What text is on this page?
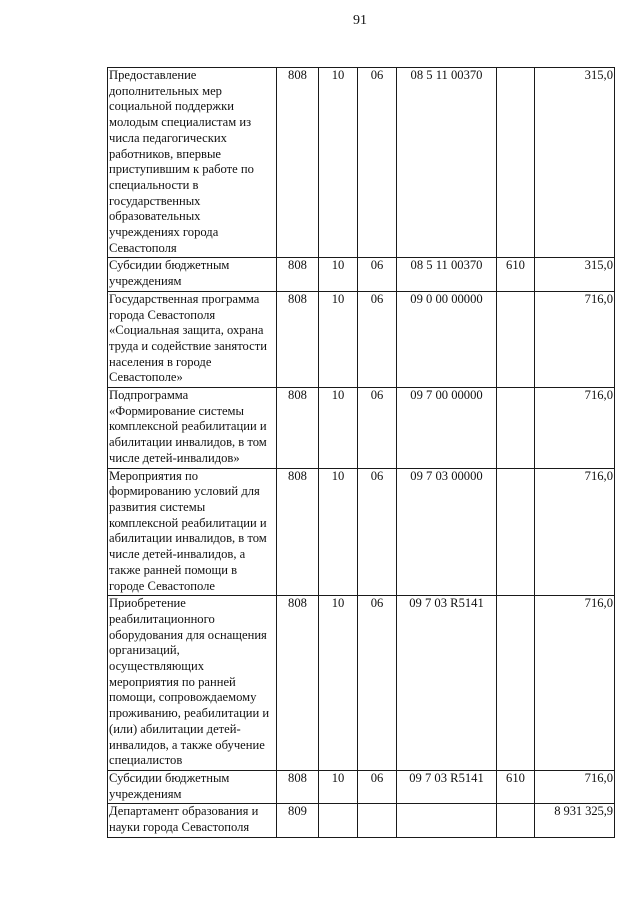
91
Предоставление дополнительных мер социальной поддержки молодым специалистам из числа педагогических работников, впервые приступившим к работе по специальности в государственных образовательных учреждениях города Севастополя	808	10	06	08 5 11 00370		315,0
Субсидии бюджетным учреждениям	808	10	06	08 5 11 00370	610	315,0
Государственная программа города Севастополя «Социальная защита, охрана труда и содействие занятости населения в городе Севастополе»	808	10	06	09 0 00 00000		716,0
Подпрограмма «Формирование системы комплексной реабилитации и абилитации инвалидов, в том числе детей-инвалидов»	808	10	06	09 7 00 00000		716,0
Мероприятия по формированию условий для развития системы комплексной реабилитации и абилитации инвалидов, в том числе детей-инвалидов, а также ранней помощи в городе Севастополе	808	10	06	09 7 03 00000		716,0
Приобретение реабилитационного оборудования для оснащения организаций, осуществляющих мероприятия по ранней помощи, сопровождаемому проживанию, реабилитации и (или) абилитации детей-инвалидов, а также обучение специалистов	808	10	06	09 7 03 R5141		716,0
Субсидии бюджетным учреждениям	808	10	06	09 7 03 R5141	610	716,0
Департамент образования и науки города Севастополя	809					8 931 325,9
